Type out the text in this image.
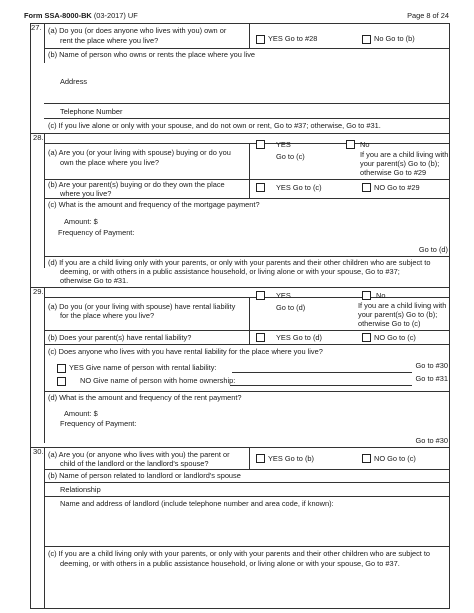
Form SSA-8000-BK (03-2017) UF	Page 8 of 24
27. (a) Do you (or does anyone who lives with you) own or
rent the place where you live?	YES Go to #28	No Go to (b)
(b) Name of person who owns or rents the place where you live
Address
Telephone Number
(c) If you live alone or only with your spouse, and do not own or rent, Go to #37; otherwise, Go to #31.
28.
(a) Are you (or your living with spouse) buying or do you
own the place where you live?
YES
Go to (c)
No
If you are a child living with
your parent(s) Go to (b);
otherwise Go to #29
(b) Are your parent(s) buying or do they own the place
where you live?
YES Go to (c)	NO Go to #29
(c) What is the amount and frequency of the mortgage payment?
Amount: $
Frequency of Payment:
Go to (d)
(d) If you are a child living only with your parents, or only with your parents and their other children who are subject to
deeming, or with others in a public assistance household, or living alone or with your spouse, Go to #37;
otherwise Go to #31.
29.
(a) Do you (or your living with spouse) have rental liability
for the place where you live?
YES
Go to (d)
No
If you are a child living with
your parent(s) Go to (b);
otherwise Go to (c)
(b) Does your parent(s) have rental liability?	YES Go to (d)	NO Go to (c)
(c) Does anyone who lives with you have rental liability for the place where you live?
YES Give name of person with rental liability:	Go to #30
NO Give name of person with home ownership:	Go to #31
(d) What is the amount and frequency of the rent payment?
Amount: $
Frequency of Payment:
Go to #30
30. (a) Are you (or anyone who lives with you) the parent or
child of the landlord or the landlord's spouse?
YES Go to (b)	NO Go to (c)
(b) Name of person related to landlord or landlord's spouse
Relationship
Name and address of landlord (include telephone number and area code, if known):
(c) If you are a child living only with your parents, or only with your parents and their other children who are subject to
deeming, or with others in a public assistance household, or living alone or with your spouse, Go to #37.
